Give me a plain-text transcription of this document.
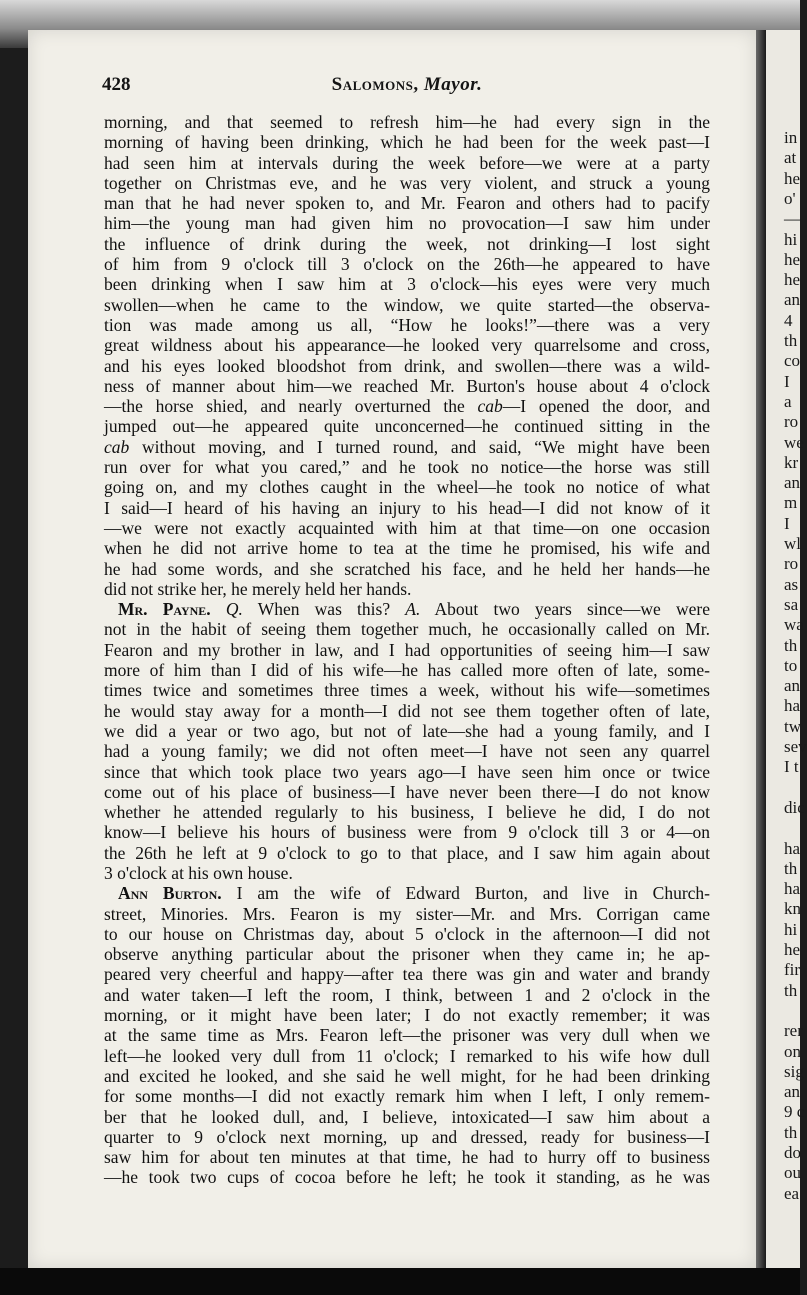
in
at
he
o'
—
hi
he
he
an
4
th
co
I
a
ro
we
kr
an
m
I
wl
ro
as
sa
wa
th
to
an
ha
tw
sev
I t
dic
ha
th
ha
kn
hi
he
fir
th
rer
on
sig
an
9 c
th
do
ou
ea
428	Salomons, Mayor.
morning, and that seemed to refresh him—he had every sign in the
morning of having been drinking, which he had been for the week past—I
had seen him at intervals during the week before—we were at a party
together on Christmas eve, and he was very violent, and struck a young
man that he had never spoken to, and Mr. Fearon and others had to pacify
him—the young man had given him no provocation—I saw him under
the influence of drink during the week, not drinking—I lost sight
of him from 9 o'clock till 3 o'clock on the 26th—he appeared to have
been drinking when I saw him at 3 o'clock—his eyes were very much
swollen—when he came to the window, we quite started—the observa-
tion was made among us all, “How he looks!”—there was a very
great wildness about his appearance—he looked very quarrelsome and cross,
and his eyes looked bloodshot from drink, and swollen—there was a wild-
ness of manner about him—we reached Mr. Burton's house about 4 o'clock
—the horse shied, and nearly overturned the cab—I opened the door, and
jumped out—he appeared quite unconcerned—he continued sitting in the
cab without moving, and I turned round, and said, “We might have been
run over for what you cared,” and he took no notice—the horse was still
going on, and my clothes caught in the wheel—he took no notice of what
I said—I heard of his having an injury to his head—I did not know of it
—we were not exactly acquainted with him at that time—on one occasion
when he did not arrive home to tea at the time he promised, his wife and
he had some words, and she scratched his face, and he held her hands—he
did not strike her, he merely held her hands.
Mr. Payne. Q. When was this? A. About two years since—we were
not in the habit of seeing them together much, he occasionally called on Mr.
Fearon and my brother in law, and I had opportunities of seeing him—I saw
more of him than I did of his wife—he has called more often of late, some-
times twice and sometimes three times a week, without his wife—sometimes
he would stay away for a month—I did not see them together often of late,
we did a year or two ago, but not of late—she had a young family, and I
had a young family; we did not often meet—I have not seen any quarrel
since that which took place two years ago—I have seen him once or twice
come out of his place of business—I have never been there—I do not know
whether he attended regularly to his business, I believe he did, I do not
know—I believe his hours of business were from 9 o'clock till 3 or 4—on
the 26th he left at 9 o'clock to go to that place, and I saw him again about
3 o'clock at his own house.
Ann Burton. I am the wife of Edward Burton, and live in Church-
street, Minories. Mrs. Fearon is my sister—Mr. and Mrs. Corrigan came
to our house on Christmas day, about 5 o'clock in the afternoon—I did not
observe anything particular about the prisoner when they came in; he ap-
peared very cheerful and happy—after tea there was gin and water and brandy
and water taken—I left the room, I think, between 1 and 2 o'clock in the
morning, or it might have been later; I do not exactly remember; it was
at the same time as Mrs. Fearon left—the prisoner was very dull when we
left—he looked very dull from 11 o'clock; I remarked to his wife how dull
and excited he looked, and she said he well might, for he had been drinking
for some months—I did not exactly remark him when I left, I only remem-
ber that he looked dull, and, I believe, intoxicated—I saw him about a
quarter to 9 o'clock next morning, up and dressed, ready for business—I
saw him for about ten minutes at that time, he had to hurry off to business
—he took two cups of cocoa before he left; he took it standing, as he was
